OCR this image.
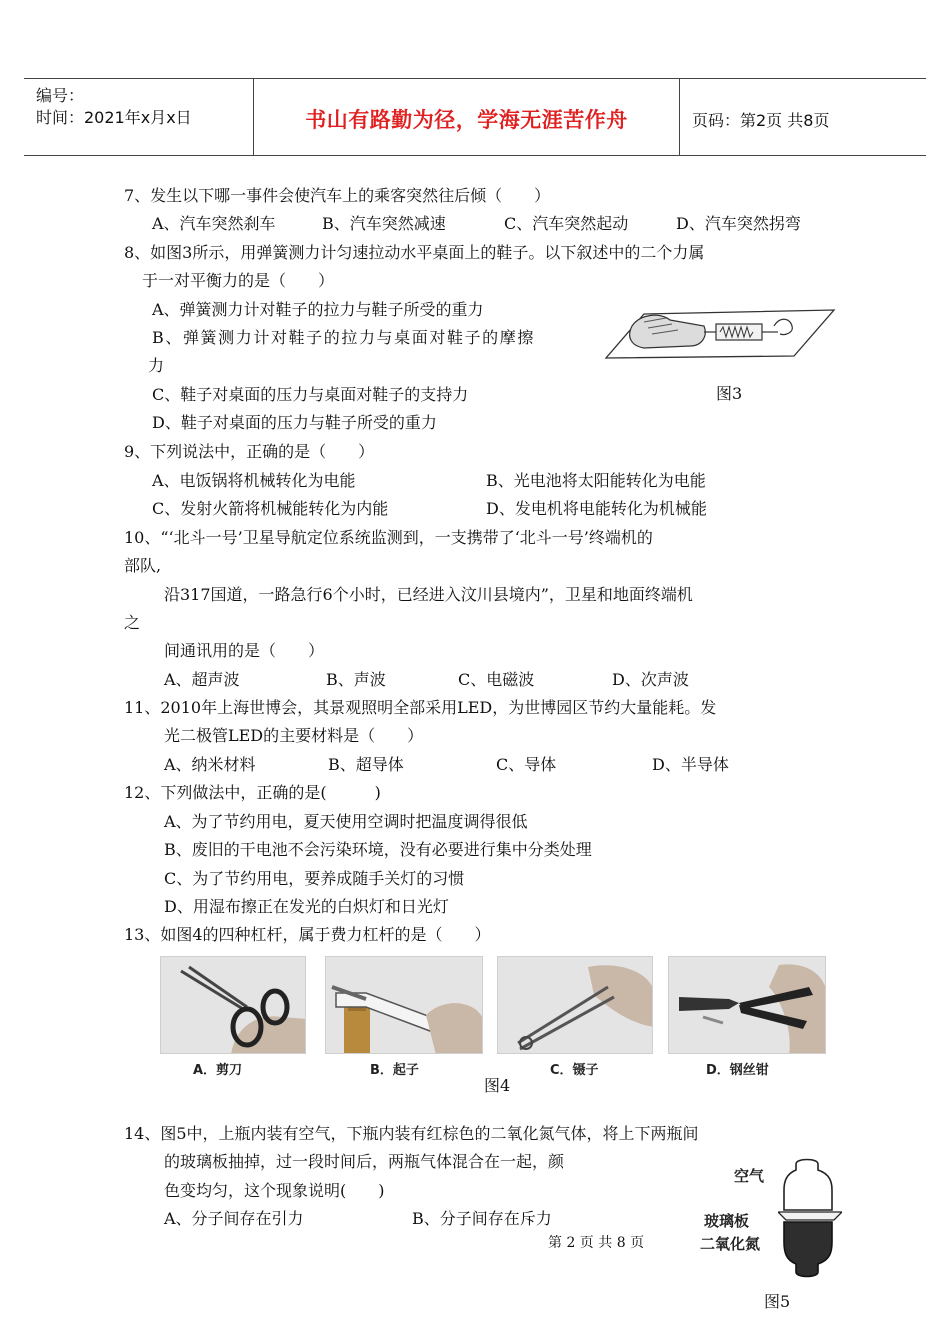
编号：
时间：2021年x月x日	书山有路勤为径，学海无涯苦作舟	页码：第2页 共8页
7、发生以下哪一事件会使汽车上的乘客突然往后倾（　　）
A、汽车突然刹车	B、汽车突然减速	C、汽车突然起动	D、汽车突然拐弯
8、如图3所示，用弹簧测力计匀速拉动水平桌面上的鞋子。以下叙述中的二个力属
于一对平衡力的是（　　）
A、弹簧测力计对鞋子的拉力与鞋子所受的重力
B、弹簧测力计对鞋子的拉力与桌面对鞋子的摩擦
力
C、鞋子对桌面的压力与桌面对鞋子的支持力
D、鞋子对桌面的压力与鞋子所受的重力
图3
9、下列说法中，正确的是（　　）
A、电饭锅将机械转化为电能	B、光电池将太阳能转化为电能
C、发射火箭将机械能转化为内能	D、发电机将电能转化为机械能
10、“‘北斗一号’卫星导航定位系统监测到，一支携带了‘北斗一号’终端机的
部队,
沿317国道，一路急行6个小时，已经进入汶川县境内”，卫星和地面终端机
之
间通讯用的是（　　）
A、超声波	B、声波	C、电磁波	D、次声波
11、2010年上海世博会，其景观照明全部采用LED，为世博园区节约大量能耗。发
光二极管LED的主要材料是（　　）
A、纳米材料	B、超导体	C、导体	D、半导体
12、下列做法中，正确的是(　　　)
A、为了节约用电，夏天使用空调时把温度调得很低
B、废旧的干电池不会污染环境，没有必要进行集中分类处理
C、为了节约用电，要养成随手关灯的习惯
D、用湿布擦正在发光的白炽灯和日光灯
13、如图4的四种杠杆，属于费力杠杆的是（　　）
A．剪刀	B．起子	C．镊子	D．钢丝钳
图4
14、图5中，上瓶内装有空气，下瓶内装有红棕色的二氧化氮气体，将上下两瓶间
的玻璃板抽掉，过一段时间后，两瓶气体混合在一起，颜
色变均匀，这个现象说明(　　)
A、分子间存在引力	B、分子间存在斥力
空气
玻璃板
二氧化氮
图5
第 2 页 共 8 页
